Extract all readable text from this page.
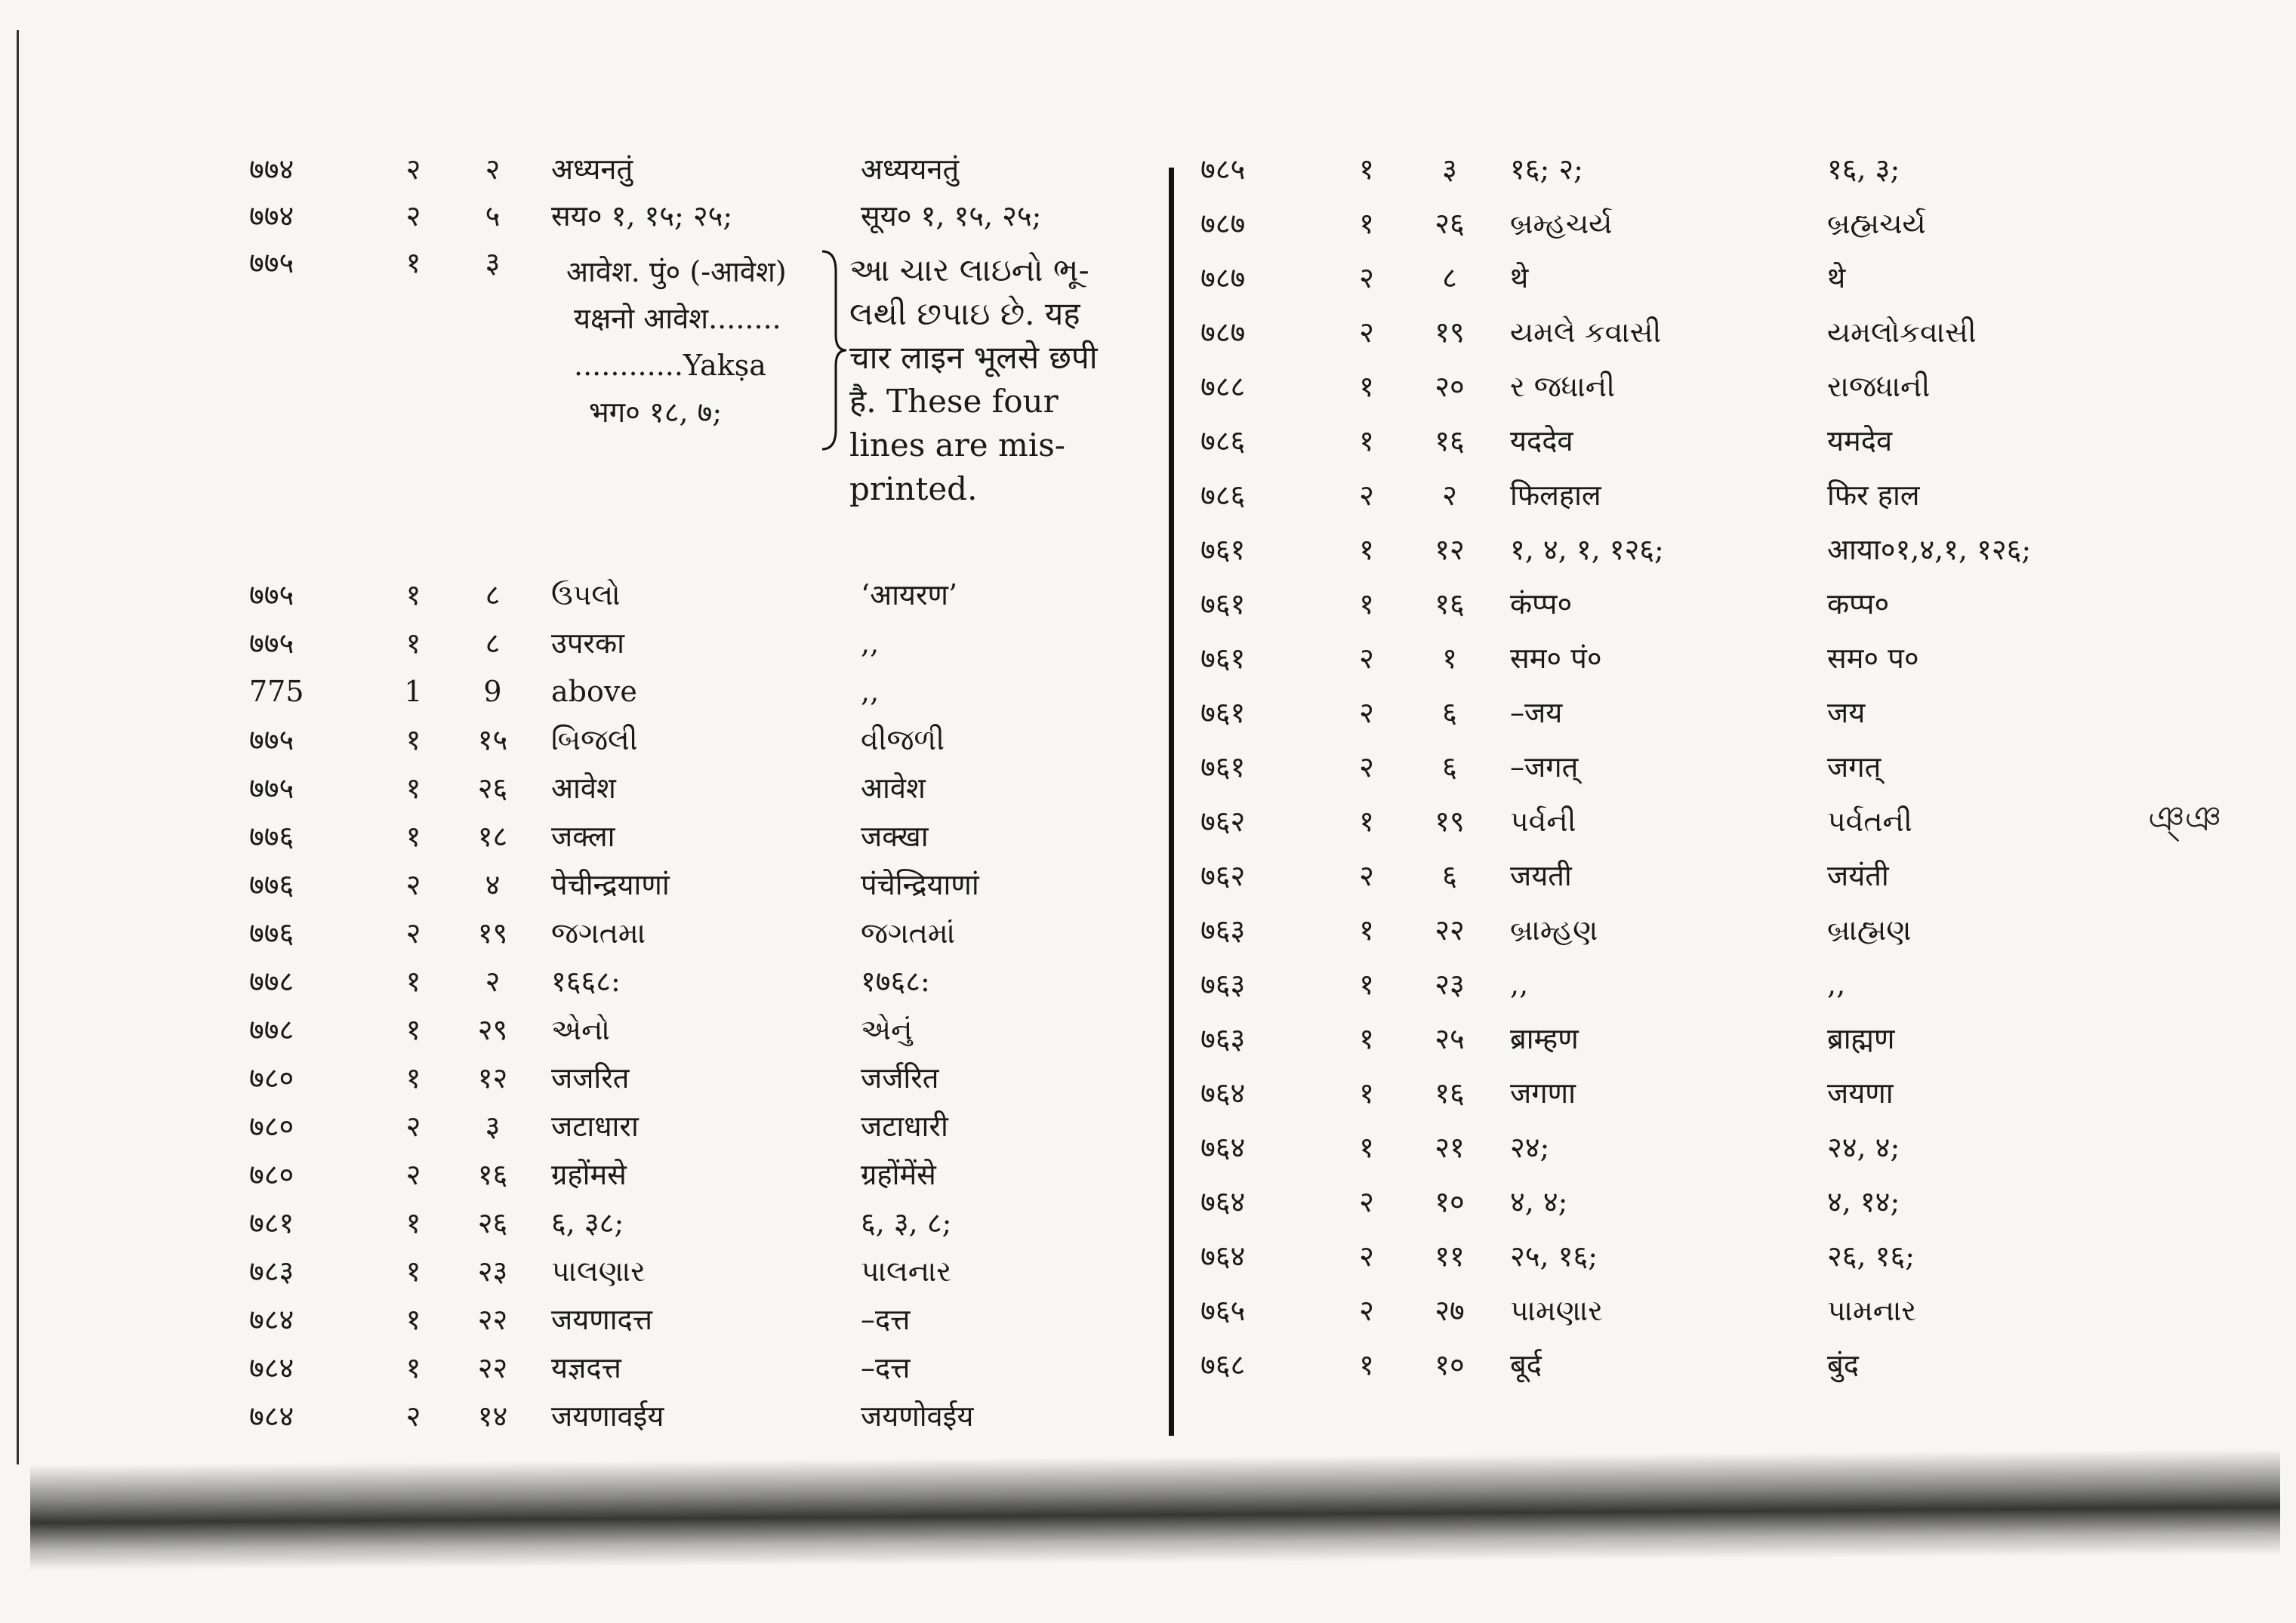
७७४	२	२	अध्यनतुं	अध्ययनतुं
७७४	२	५	सय० १, १५; २५;	सूय० १, १५, २५;
७७५	१	३	आवेश. पुं० (-आवेश)
यक्षनो आवेश........
............Yakṣa
भग० १८, ७;
આ ચાર લાઇનો ભૂ-
લથી છપાઇ છે. यह
चार लाइन भूलसे छपी
है. These four
lines are mis-
printed.
७७५	१	८	ઉપલો	‘आयरण’
७७५	१	८	उपरका	,,
775	1	9	above	,,
७७५	१	१५	બિજલી	વીજળી
७७५	१	२६	आवेश	आवेश
७७६	१	१८	जक्ला	जक्खा
७७६	२	४	पेचीन्द्रयाणां	पंचेन्द्रियाणां
७७६	२	१९	જગતમા	જગતમાં
७७८	१	२	१६६८:	१७६८:
७७८	१	२९	એનો	એનું
७८०	१	१२	जजरित	जर्जरित
७८०	२	३	जटाधारा	जटाधारी
७८०	२	१६	ग्रहोंमसे	ग्रहोंमेंसे
७८१	१	२६	६, ३८;	६, ३, ८;
७८३	१	२३	પાલણાર	પાલનાર
७८४	१	२२	जयणादत्त	–दत्त
७८४	१	२२	यज्ञदत्त	–दत्त
७८४	२	१४	जयणावईय	जयणोवईय
७८५	१	३	१६; २;	१६, ३;
७८७	१	२६	બ્રમ્હચર્ય	બ્રહ્મચર્ય
७८७	२	८	थे	थे
७८७	२	१९	યમલે કવાસી	યમલોકવાસી
७८८	१	२०	ર જધાની	રાજધાની
७८६	१	१६	यददेव	यमदेव
७८६	२	२	फिलहाल	फिर हाल
७६१	१	१२	१, ४, १, १२६;	आया०१,४,१, १२६;
७६१	१	१६	कंप्प०	कप्प०
७६१	२	१	सम० पं०	सम० प०
७६१	२	६	–जय	जय
७६१	२	६	–जगत्	जगत्
७६२	१	१९	પર્વની	પર્વતની
७६२	२	६	जयती	जयंती
७६३	१	२२	બ્રામ્હણ	બ્રાહ્મણ
७६३	१	२३	,,	,,
७६३	१	२५	ब्राम्हण	ब्राह्मण
७६४	१	१६	जगणा	जयणा
७६४	१	२१	२४;	२४, ४;
७६४	२	१०	४, ४;	४, १४;
७६४	२	११	२५, १६;	२६, १६;
७६५	२	२७	પામણાર	પામનાર
७६८	१	१०	बूर्द	बुंद
ঞ্ঞ
